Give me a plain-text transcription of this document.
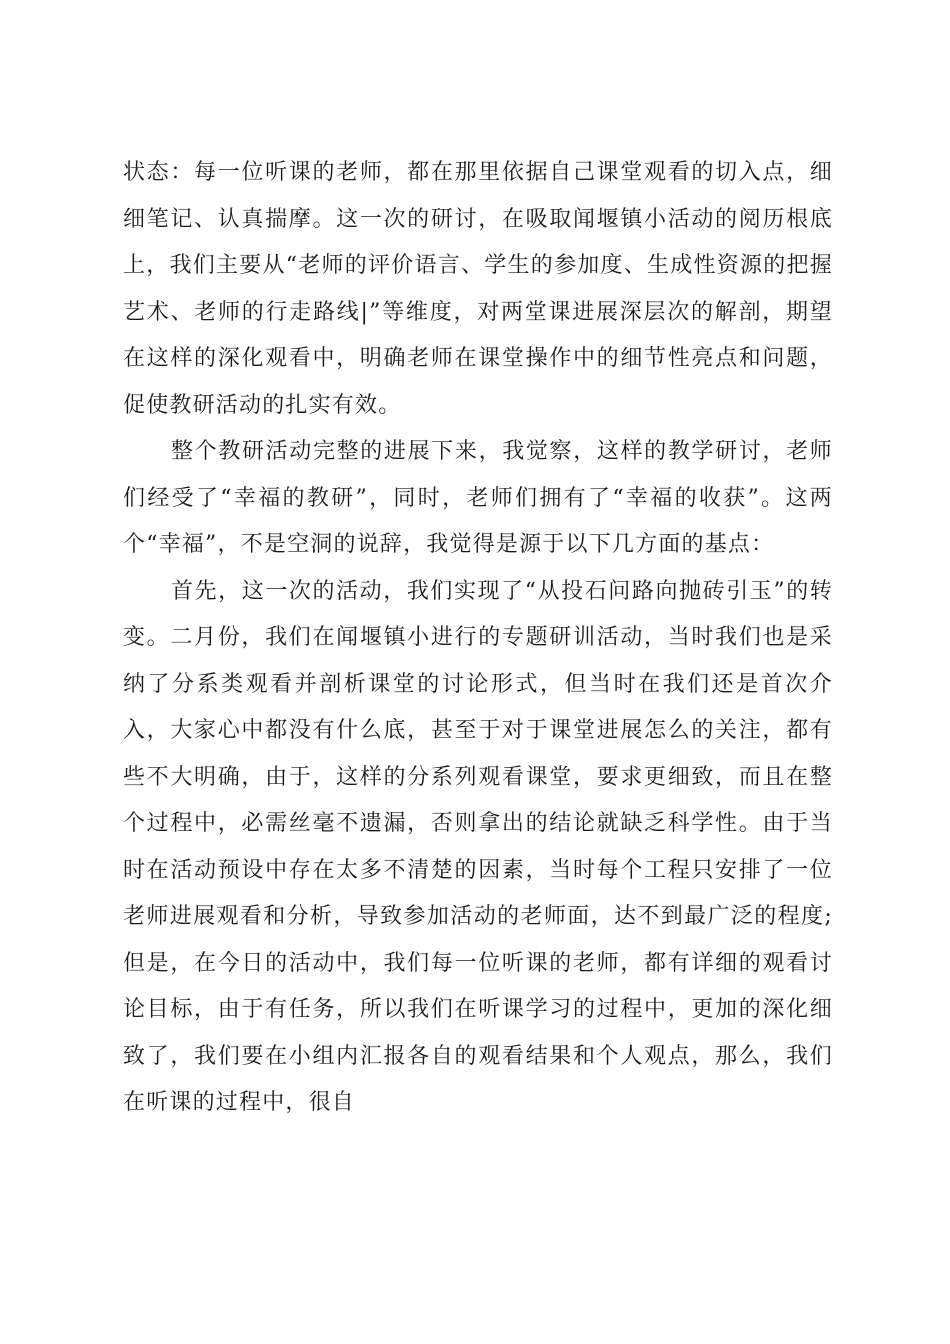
状态：每一位听课的老师，都在那里依据自己课堂观看的切入点，细细笔记、认真揣摩。这一次的研讨，在吸取闻堰镇小活动的阅历根底上，我们主要从“老师的评价语言、学生的参加度、生成性资源的把握艺术、老师的行走路线|”等维度，对两堂课进展深层次的解剖，期望在这样的深化观看中，明确老师在课堂操作中的细节性亮点和问题，促使教研活动的扎实有效。

整个教研活动完整的进展下来，我觉察，这样的教学研讨，老师们经受了“幸福的教研”，同时，老师们拥有了“幸福的收获”。这两个“幸福”，不是空洞的说辞，我觉得是源于以下几方面的基点：

首先，这一次的活动，我们实现了“从投石问路向抛砖引玉”的转变。二月份，我们在闻堰镇小进行的专题研训活动，当时我们也是采纳了分系类观看并剖析课堂的讨论形式，但当时在我们还是首次介入，大家心中都没有什么底，甚至于对于课堂进展怎么的关注，都有些不大明确，由于，这样的分系列观看课堂，要求更细致，而且在整个过程中，必需丝毫不遗漏，否则拿出的结论就缺乏科学性。由于当时在活动预设中存在太多不清楚的因素，当时每个工程只安排了一位老师进展观看和分析，导致参加活动的老师面，达不到最广泛的程度;但是，在今日的活动中，我们每一位听课的老师，都有详细的观看讨论目标，由于有任务，所以我们在听课学习的过程中，更加的深化细致了，我们要在小组内汇报各自的观看结果和个人观点，那么，我们在听课的过程中，很自
